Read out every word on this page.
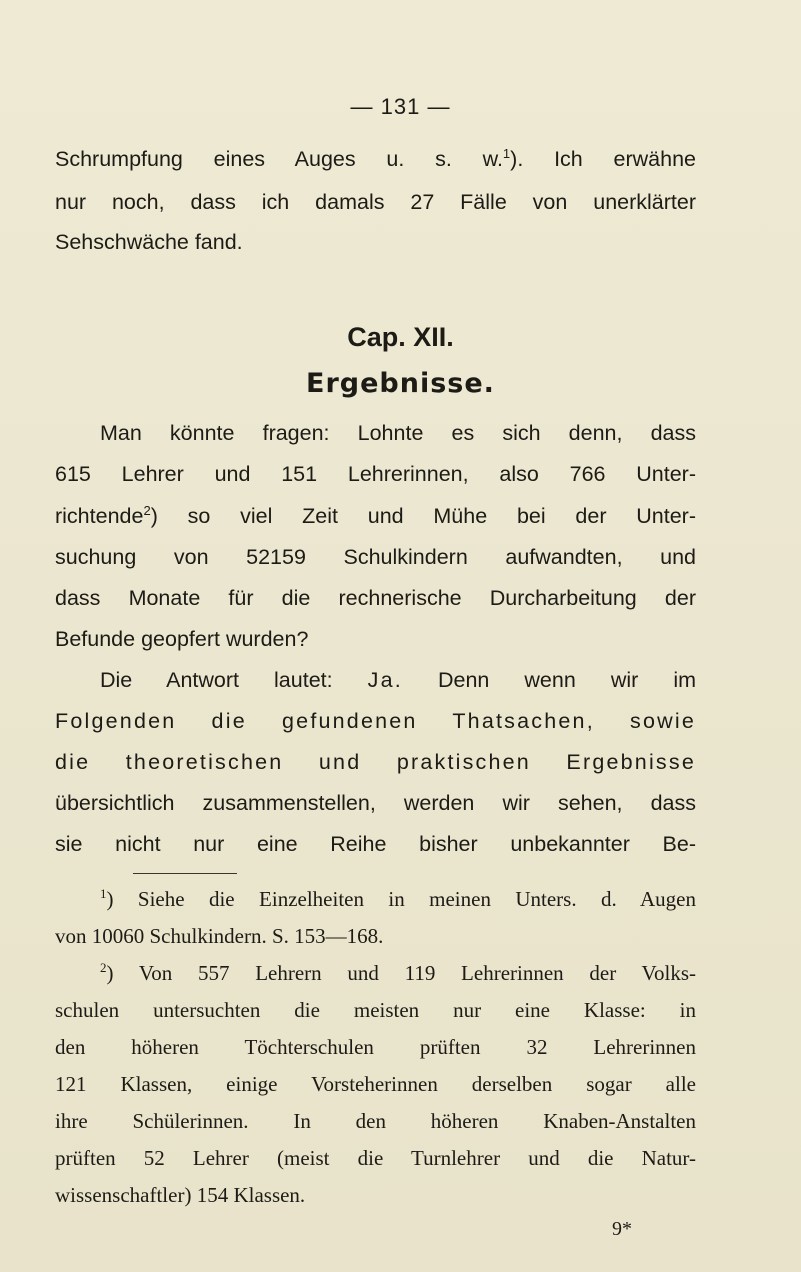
— 131 —
Schrumpfung eines Auges u. s. w.$^1$). Ich erwähne
nur noch, dass ich damals 27 Fälle von unerklärter
Sehschwäche fand.
Cap. XII.
Ergebnisse.
Man könnte fragen: Lohnte es sich denn, dass
615 Lehrer und 151 Lehrerinnen, also 766 Unter-
richtende$^2$) so viel Zeit und Mühe bei der Unter-
suchung von 52159 Schulkindern aufwandten, und
dass Monate für die rechnerische Durcharbeitung der
Befunde geopfert wurden?
Die Antwort lautet: Ja. Denn wenn wir im
Folgenden die gefundenen Thatsachen, sowie
die theoretischen und praktischen Ergebnisse
übersichtlich zusammenstellen, werden wir sehen, dass
sie nicht nur eine Reihe bisher unbekannter Be-
$^1$) Siehe die Einzelheiten in meinen Unters. d. Augen
von 10060 Schulkindern. S. 153—168.
$^2$) Von 557 Lehrern und 119 Lehrerinnen der Volks-
schulen untersuchten die meisten nur eine Klasse: in
den höheren Töchterschulen prüften 32 Lehrerinnen
121 Klassen, einige Vorsteherinnen derselben sogar alle
ihre Schülerinnen. In den höheren Knaben-Anstalten
prüften 52 Lehrer (meist die Turnlehrer und die Natur-
wissenschaftler) 154 Klassen.
9*
